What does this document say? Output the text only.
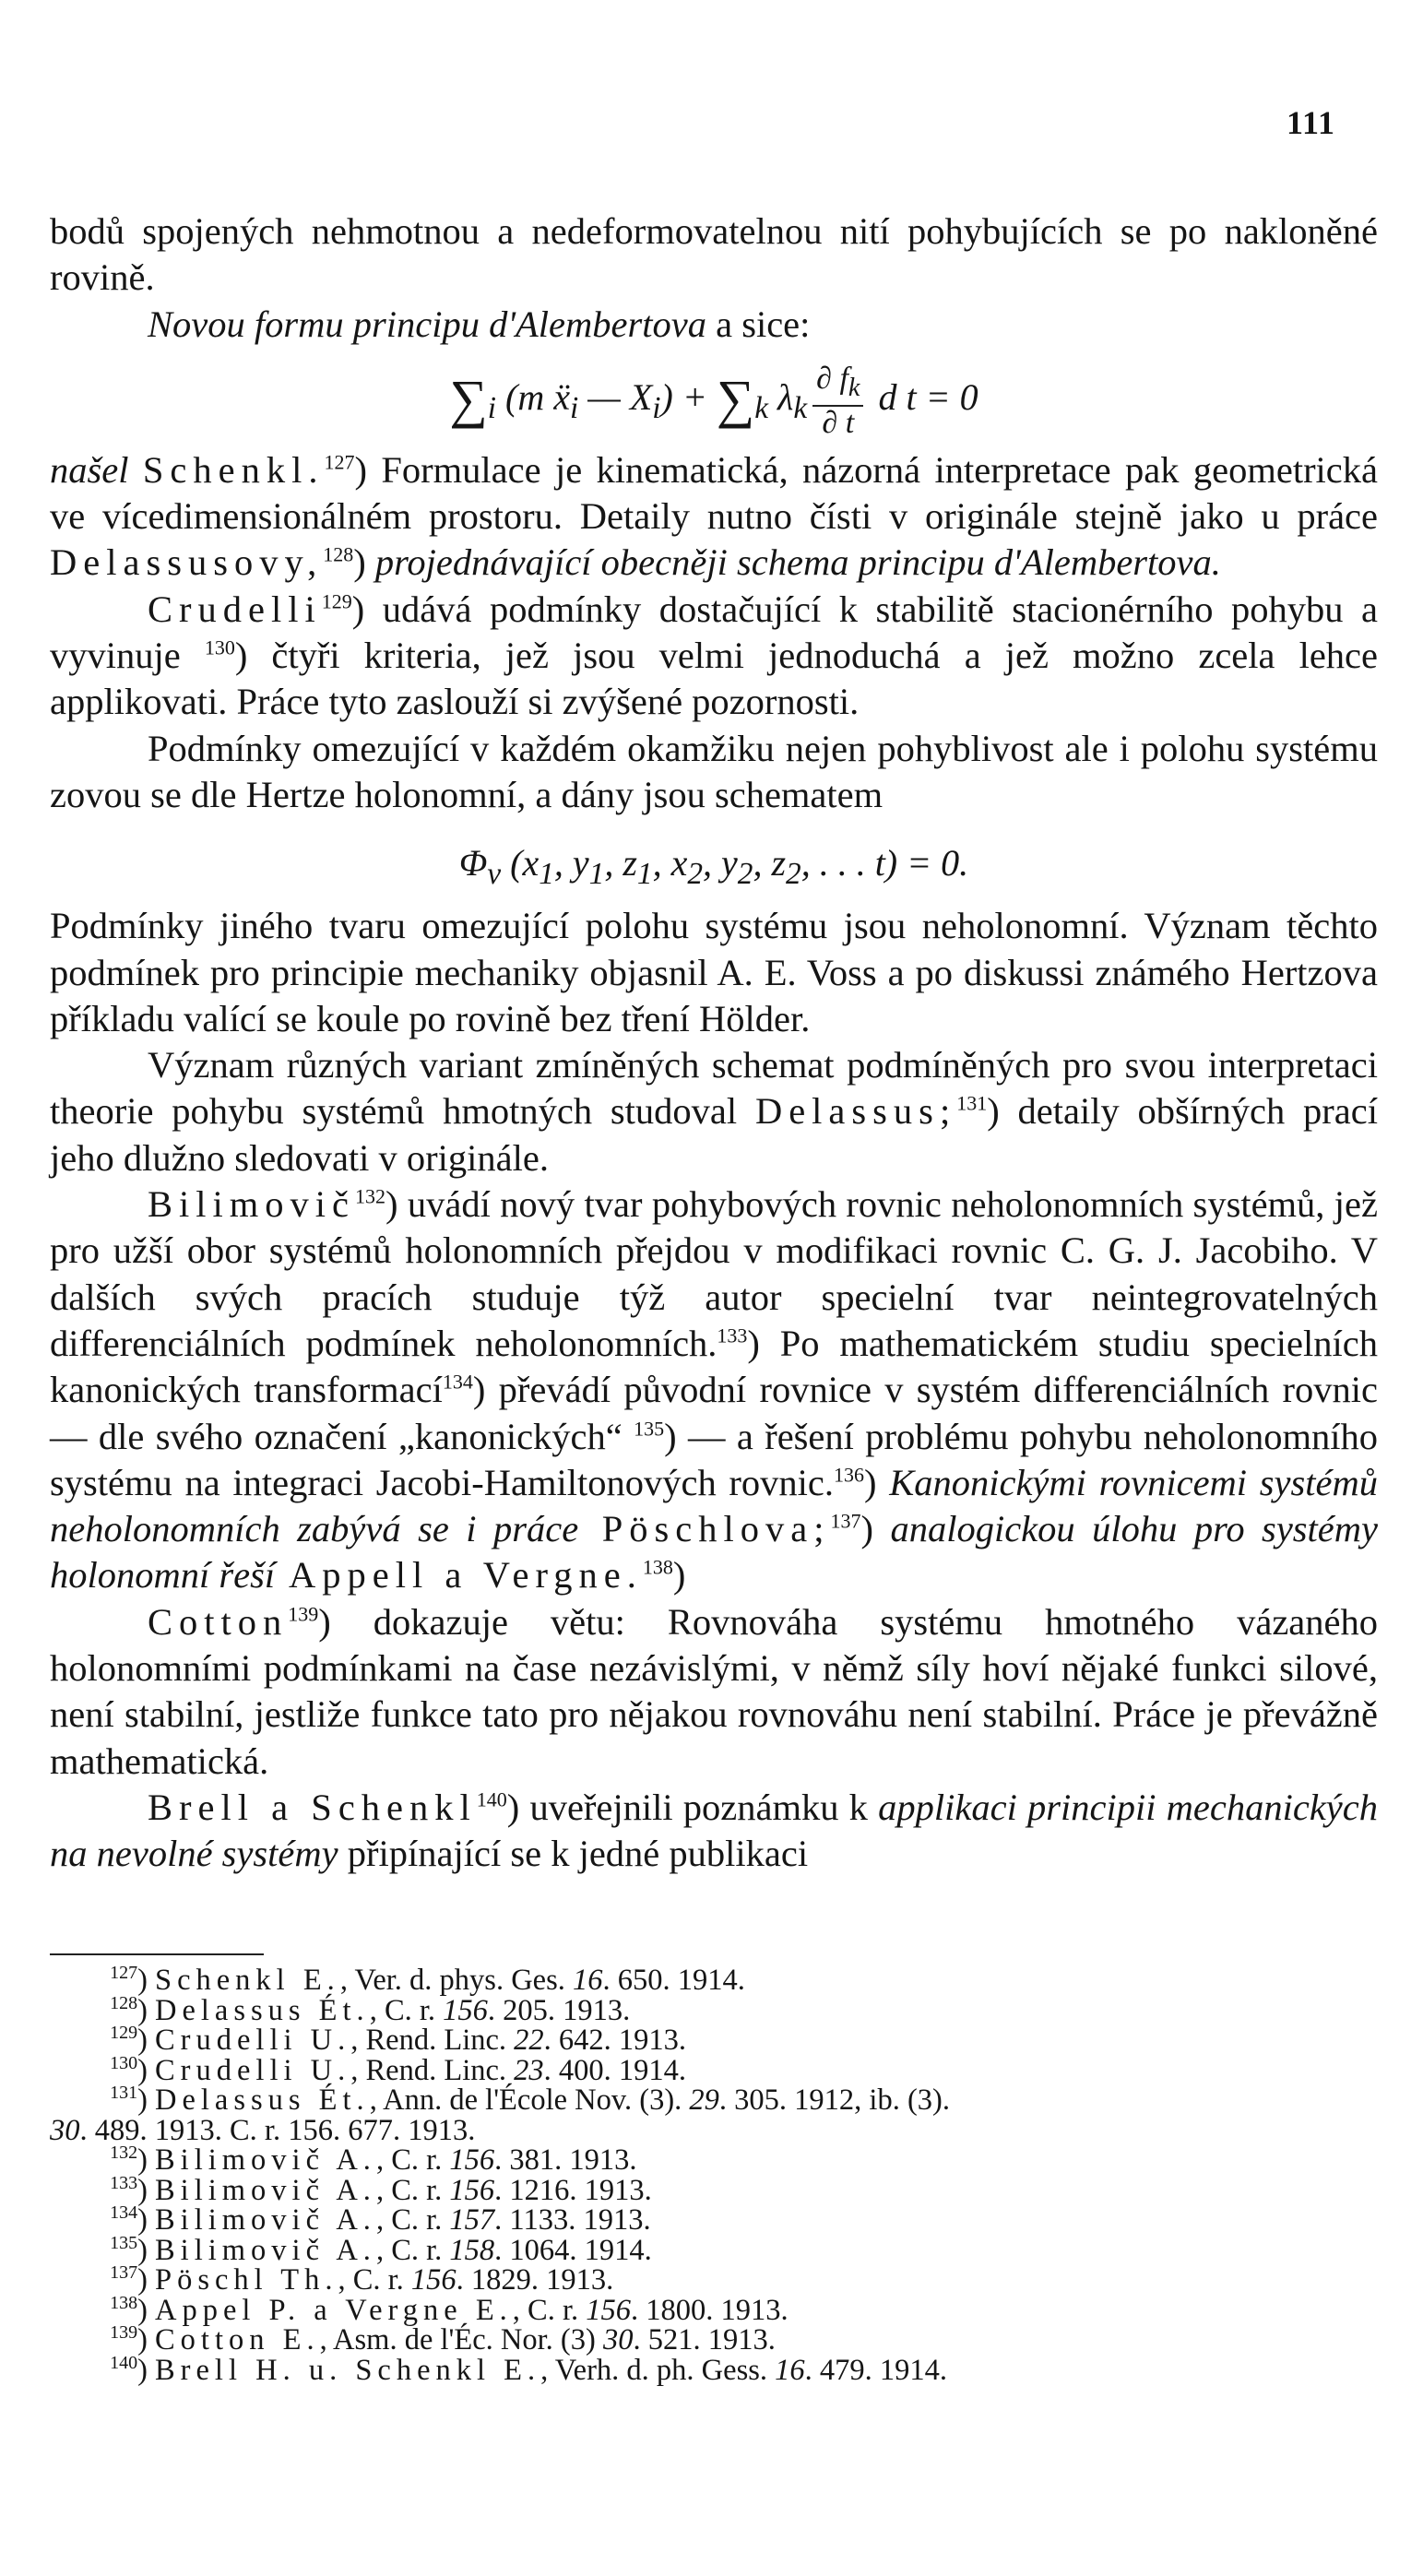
111

bodů spojených nehmotnou a nedeformovatelnou nití pohybujících se po nakloněné rovině.

Novou formu principu d'Alembertova a sice:

$\sum_i$ (m ẍ$_i$ — $X_i) + \sum_k$ $\lambda_k \frac{\partial f_k}{\partial t}$ d t = 0

našel Schenkl.$^{127}$) Formulace je kinematická, názorná interpretace pak geometrická ve vícedimensionálném prostoru. Detaily nutno čísti v originále stejně jako u práce Delassusovy,$^{128}$) projednávající obecněji schema principu d'Alembertova.

Crudelli$^{129}$) udává podmínky dostačující k stabilitě stacionérního pohybu a vyvinuje $^{130}$) čtyři kriteria, jež jsou velmi jednoduchá a jež možno zcela lehce applikovati. Práce tyto zaslouží si zvýšené pozornosti.

Podmínky omezující v každém okamžiku nejen pohyblivost ale i polohu systému zovou se dle Hertze holonomní, a dány jsou schematem

$\Phi_v$ ($x_1$, $y_1$, $z_1$, $x_2$, $y_2$, $z_2$, . . . t) = 0.

Podmínky jiného tvaru omezující polohu systému jsou neholonomní. Význam těchto podmínek pro principie mechaniky objasnil A. E. Voss a po diskussi známého Hertzova příkladu valící se koule po rovině bez tření Hölder.

Význam různých variant zmíněných schemat podmíněných pro svou interpretaci theorie pohybu systémů hmotných studoval Delassus;$^{131}$) detaily obšírných prací jeho dlužno sledovati v originále.

Bilimovič$^{132}$) uvádí nový tvar pohybových rovnic neholonomních systémů, jež pro užší obor systémů holonomních přejdou v modifikaci rovnic C. G. J. Jacobiho. V dalších svých pracích studuje týž autor specielní tvar neintegrovatelných differenciálních podmínek neholonomních.$^{133}$) Po mathematickém studiu specielních kanonických transformací$^{134}$) převádí původní rovnice v systém differenciálních rovnic — dle svého označení „kanonických“ $^{135}$) — a řešení problému pohybu neholonomního systému na integraci Jacobi-Hamiltonových rovnic.$^{136}$) Kanonickými rovnicemi systémů neholonomních zabývá se i práce Pöschlova;$^{137}$) analogickou úlohu pro systémy holonomní řeší Appell a Vergne.$^{138}$)

Cotton$^{139}$) dokazuje větu: Rovnováha systému hmotného vázaného holonomními podmínkami na čase nezávislými, v němž síly hoví nějaké funkci silové, není stabilní, jestliže funkce tato pro nějakou rovnováhu není stabilní. Práce je převážně mathematická.

Brell a Schenkl$^{140}$) uveřejnili poznámku k applikaci principii mechanických na nevolné systémy připínající se k jedné publikaci

$^{127}$) Schenkl E., Ver. d. phys. Ges. 16. 650. 1914.

$^{128}$) Delassus Ét., C. r. 156. 205. 1913.

$^{129}$) Crudelli U., Rend. Linc. 22. 642. 1913.

$^{130}$) Crudelli U., Rend. Linc. 23. 400. 1914.

$^{131}$) Delassus Ét., Ann. de l'École Nov. (3). 29. 305. 1912, ib. (3).

30. 489. 1913. C. r. 156. 677. 1913.

$^{132}$) Bilimovič A., C. r. 156. 381. 1913.

$^{133}$) Bilimovič A., C. r. 156. 1216. 1913.

$^{134}$) Bilimovič A., C. r. 157. 1133. 1913.

$^{135}$) Bilimovič A., C. r. 158. 1064. 1914.

$^{137}$) Pöschl Th., C. r. 156. 1829. 1913.

$^{138}$) Appel P. a Vergne E., C. r. 156. 1800. 1913.

$^{139}$) Cotton E., Asm. de l'Éc. Nor. (3) 30. 521. 1913.

$^{140}$) Brell H. u. Schenkl E., Verh. d. ph. Gess. 16. 479. 1914.
